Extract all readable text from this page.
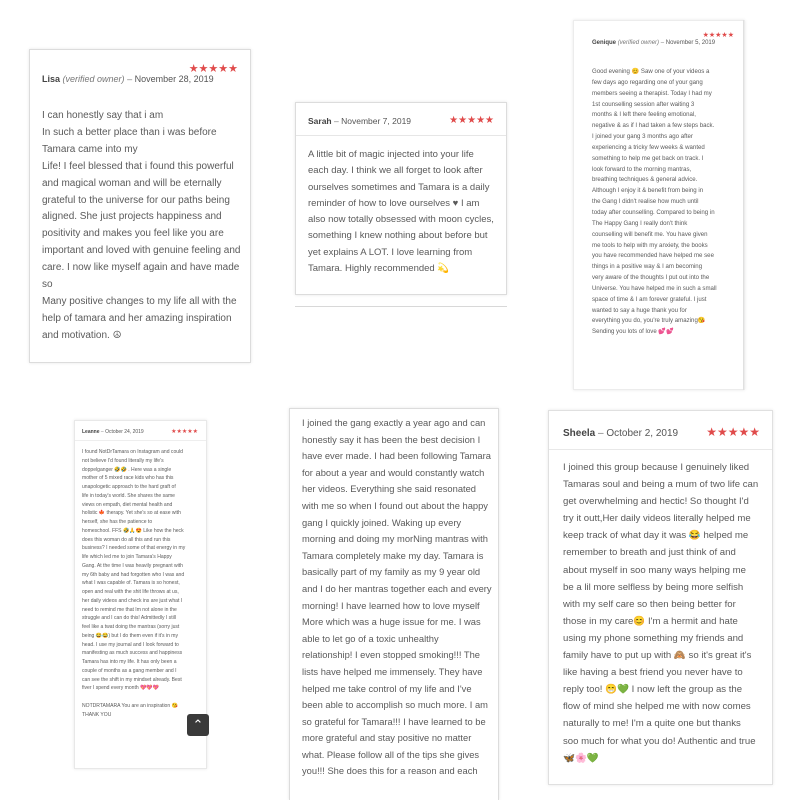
Lisa (verified owner) – November 28, 2019
★★★★★

I can honestly say that i am
In such a better place than i was before
Tamara came into my
Life! I feel blessed that i found this powerful
and magical woman and will be eternally
grateful to the universe for our paths being
aligned. She just projects happiness and
positivity and makes you feel like you are
important and loved with genuine feeling and
care. I now like myself again and have made
so
Many positive changes to my life all with the
help of tamara and her amazing inspiration
and motivation. ☮

Sarah – November 7, 2019	★★★★★

A little bit of magic injected into your life
each day. I think we all forget to look after
ourselves sometimes and Tamara is a daily
reminder of how to love ourselves ♥ I am
also now totally obsessed with moon cycles,
something I knew nothing about before but
yet explains A LOT. I love learning from
Tamara. Highly recommended 💫

Genique (verified owner) – November 5, 2019
★★★★★

Good evening 😊 Saw one of your videos a
few days ago regarding one of your gang
members seeing a therapist. Today I had my
1st counselling session after waiting 3
months & I left there feeling emotional,
negative & as if I had taken a few steps back.
I joined your gang 3 months ago after
experiencing a tricky few weeks & wanted
something to help me get back on track. I
look forward to the morning mantras,
breathing techniques & general advice.
Although I enjoy it & benefit from being in
the Gang I didn't realise how much until
today after counselling. Compared to being in
The Happy Gang I really don't think
counselling will benefit me. You have given
me tools to help with my anxiety, the books
you have recommended have helped me see
things in a positive way & I am becoming
very aware of the thoughts I put out into the
Universe. You have helped me in such a small
space of time & I am forever grateful. I just
wanted to say a huge thank you for
everything you do, you're truly amazing😘
Sending you lots of love 💕💕

Leanne – October 24, 2019	★★★★★

I found NotDrTamara on Instagram and could
not believe I'd found literally my life's
doppelganger 🤣🤣 . Here was a single
mother of 5 mixed race kids who has this
unapologetic approach to the hard graft of
life in today's world. She shares the same
views on empath, diet mental health and
holistic 🍁 therapy. Yet she's so at ease with
herself, she has the patience to
homeschool. FFS 🤣🙏😍 Like how the heck
does this woman do all this and run this
business? I needed some of that energy in my
life which led me to join Tamara's Happy
Gang. At the time I was heavily pregnant with
my 6th baby and had forgotten who I was and
what I was capable of. Tamara is so honest,
open and real with the shit life throws at us,
her daily videos and check ins are just what I
need to remind me that Im not alone in the
struggle and I can do this! Admittedly I still
feel like a twat doing the mantras (sorry just
being 😂😂) but I do them even if it's in my
head. I use my journal and I look forward to
manifesting as much success and happiness
Tamara has into my life. It has only been a
couple of months as a gang member and I
can see the shift in my mindset already. Best
fiver I spend every month 💖💖💖

NOTDRTAMARA You are an inspiration 😘
THANK YOU

⌃

I joined the gang exactly a year ago and can
honestly say it has been the best decision I
have ever made. I had been following Tamara
for about a year and would constantly watch
her videos. Everything she said resonated
with me so when I found out about the happy
gang I quickly joined. Waking up every
morning and doing my morNing mantras with
Tamara completely make my day. Tamara is
basically part of my family as my 9 year old
and I do her mantras together each and every
morning! I have learned how to love myself
More which was a huge issue for me. I was
able to let go of a toxic unhealthy
relationship! I even stopped smoking!!! The
lists have helped me immensely. They have
helped me take control of my life and I've
been able to accomplish so much more. I am
so grateful for Tamara!!! I have learned to be
more grateful and stay positive no matter
what. Please follow all of the tips she gives
you!!! She does this for a reason and each

Sheela – October 2, 2019 ★★★★★

I joined this group because I genuinely liked
Tamaras soul and being a mum of two life can
get overwhelming and hectic! So thought I'd
try it outt,Her daily videos literally helped me
keep track of what day it was 😂 helped me
remember to breath and just think of and
about myself in soo many ways helping me
be a lil more selfless by being more selfish
with my self care so then being better for
those in my care😊 I'm a hermit and hate
using my phone something my friends and
family have to put up with 🙈 so it's great it's
like having a best friend you never have to
reply too! 😁💚 I now left the group as the
flow of mind she helped me with now comes
naturally to me! I'm a quite one but thanks
soo much for what you do! Authentic and true
🦋🌸💚
